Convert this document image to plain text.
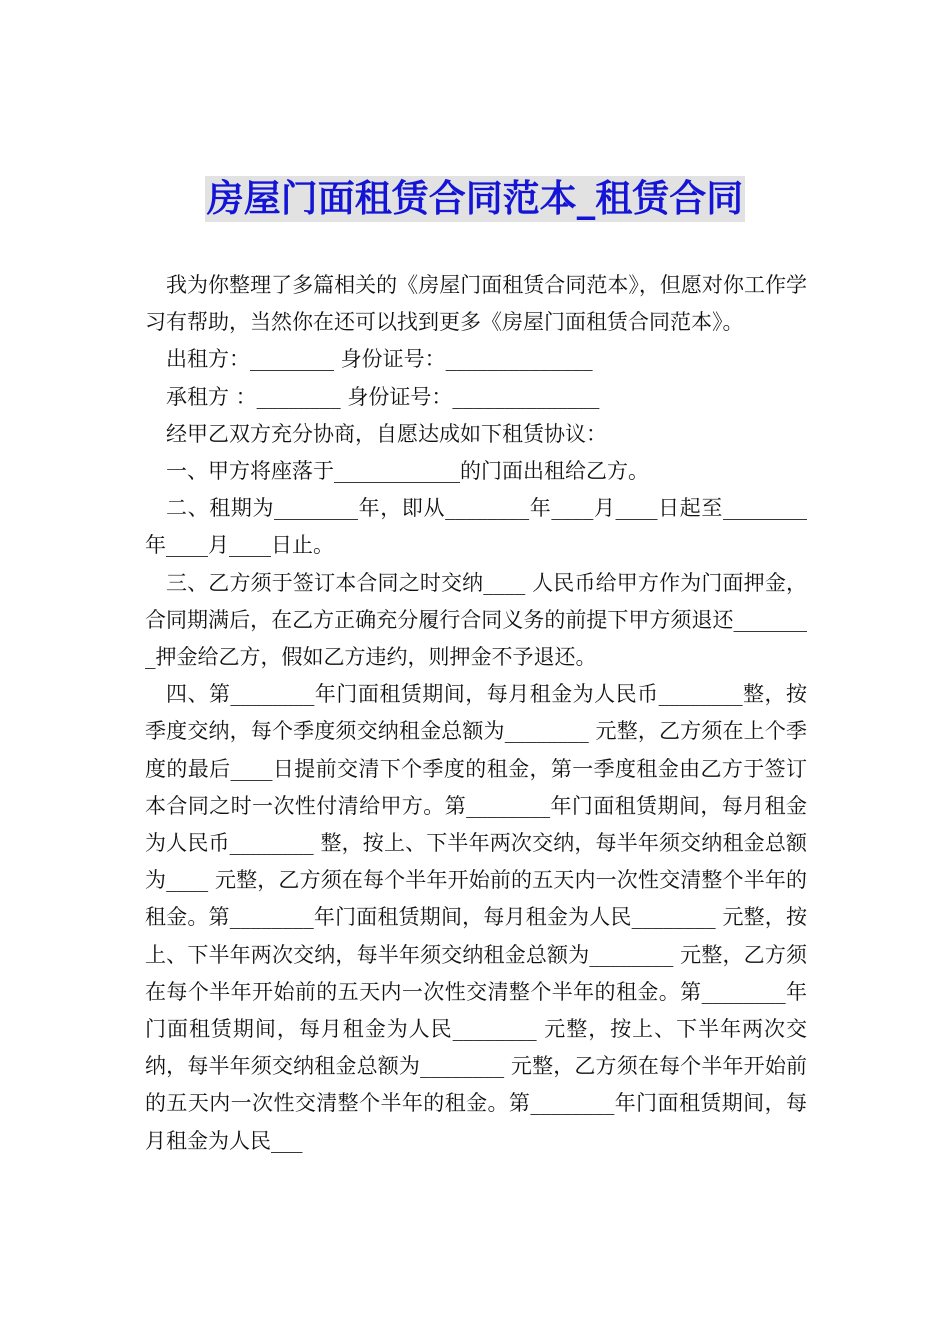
房屋门面租赁合同范本_租赁合同

我为你整理了多篇相关的《房屋门面租赁合同范本》，但愿对你工作学习有帮助，当然你在还可以找到更多《房屋门面租赁合同范本》。

出租方：________ 身份证号：______________

承租方 ：________ 身份证号：______________

经甲乙双方充分协商，自愿达成如下租赁协议：

一、甲方将座落于____________的门面出租给乙方。

二、租期为________年，即从________年____月____日起至________年____月____日止。

三、乙方须于签订本合同之时交纳____ 人民币给甲方作为门面押金，合同期满后，在乙方正确充分履行合同义务的前提下甲方须退还________押金给乙方，假如乙方违约，则押金不予退还。

四、第________年门面租赁期间，每月租金为人民币________整，按季度交纳，每个季度须交纳租金总额为________ 元整，乙方须在上个季度的最后____日提前交清下个季度的租金，第一季度租金由乙方于签订本合同之时一次性付清给甲方。第________年门面租赁期间，每月租金为人民币________ 整，按上、下半年两次交纳，每半年须交纳租金总额为____ 元整，乙方须在每个半年开始前的五天内一次性交清整个半年的租金。第________年门面租赁期间，每月租金为人民________ 元整，按上、下半年两次交纳，每半年须交纳租金总额为________ 元整，乙方须在每个半年开始前的五天内一次性交清整个半年的租金。第________年门面租赁期间，每月租金为人民________ 元整，按上、下半年两次交纳，每半年须交纳租金总额为________ 元整，乙方须在每个半年开始前的五天内一次性交清整个半年的租金。第________年门面租赁期间，每月租金为人民___
